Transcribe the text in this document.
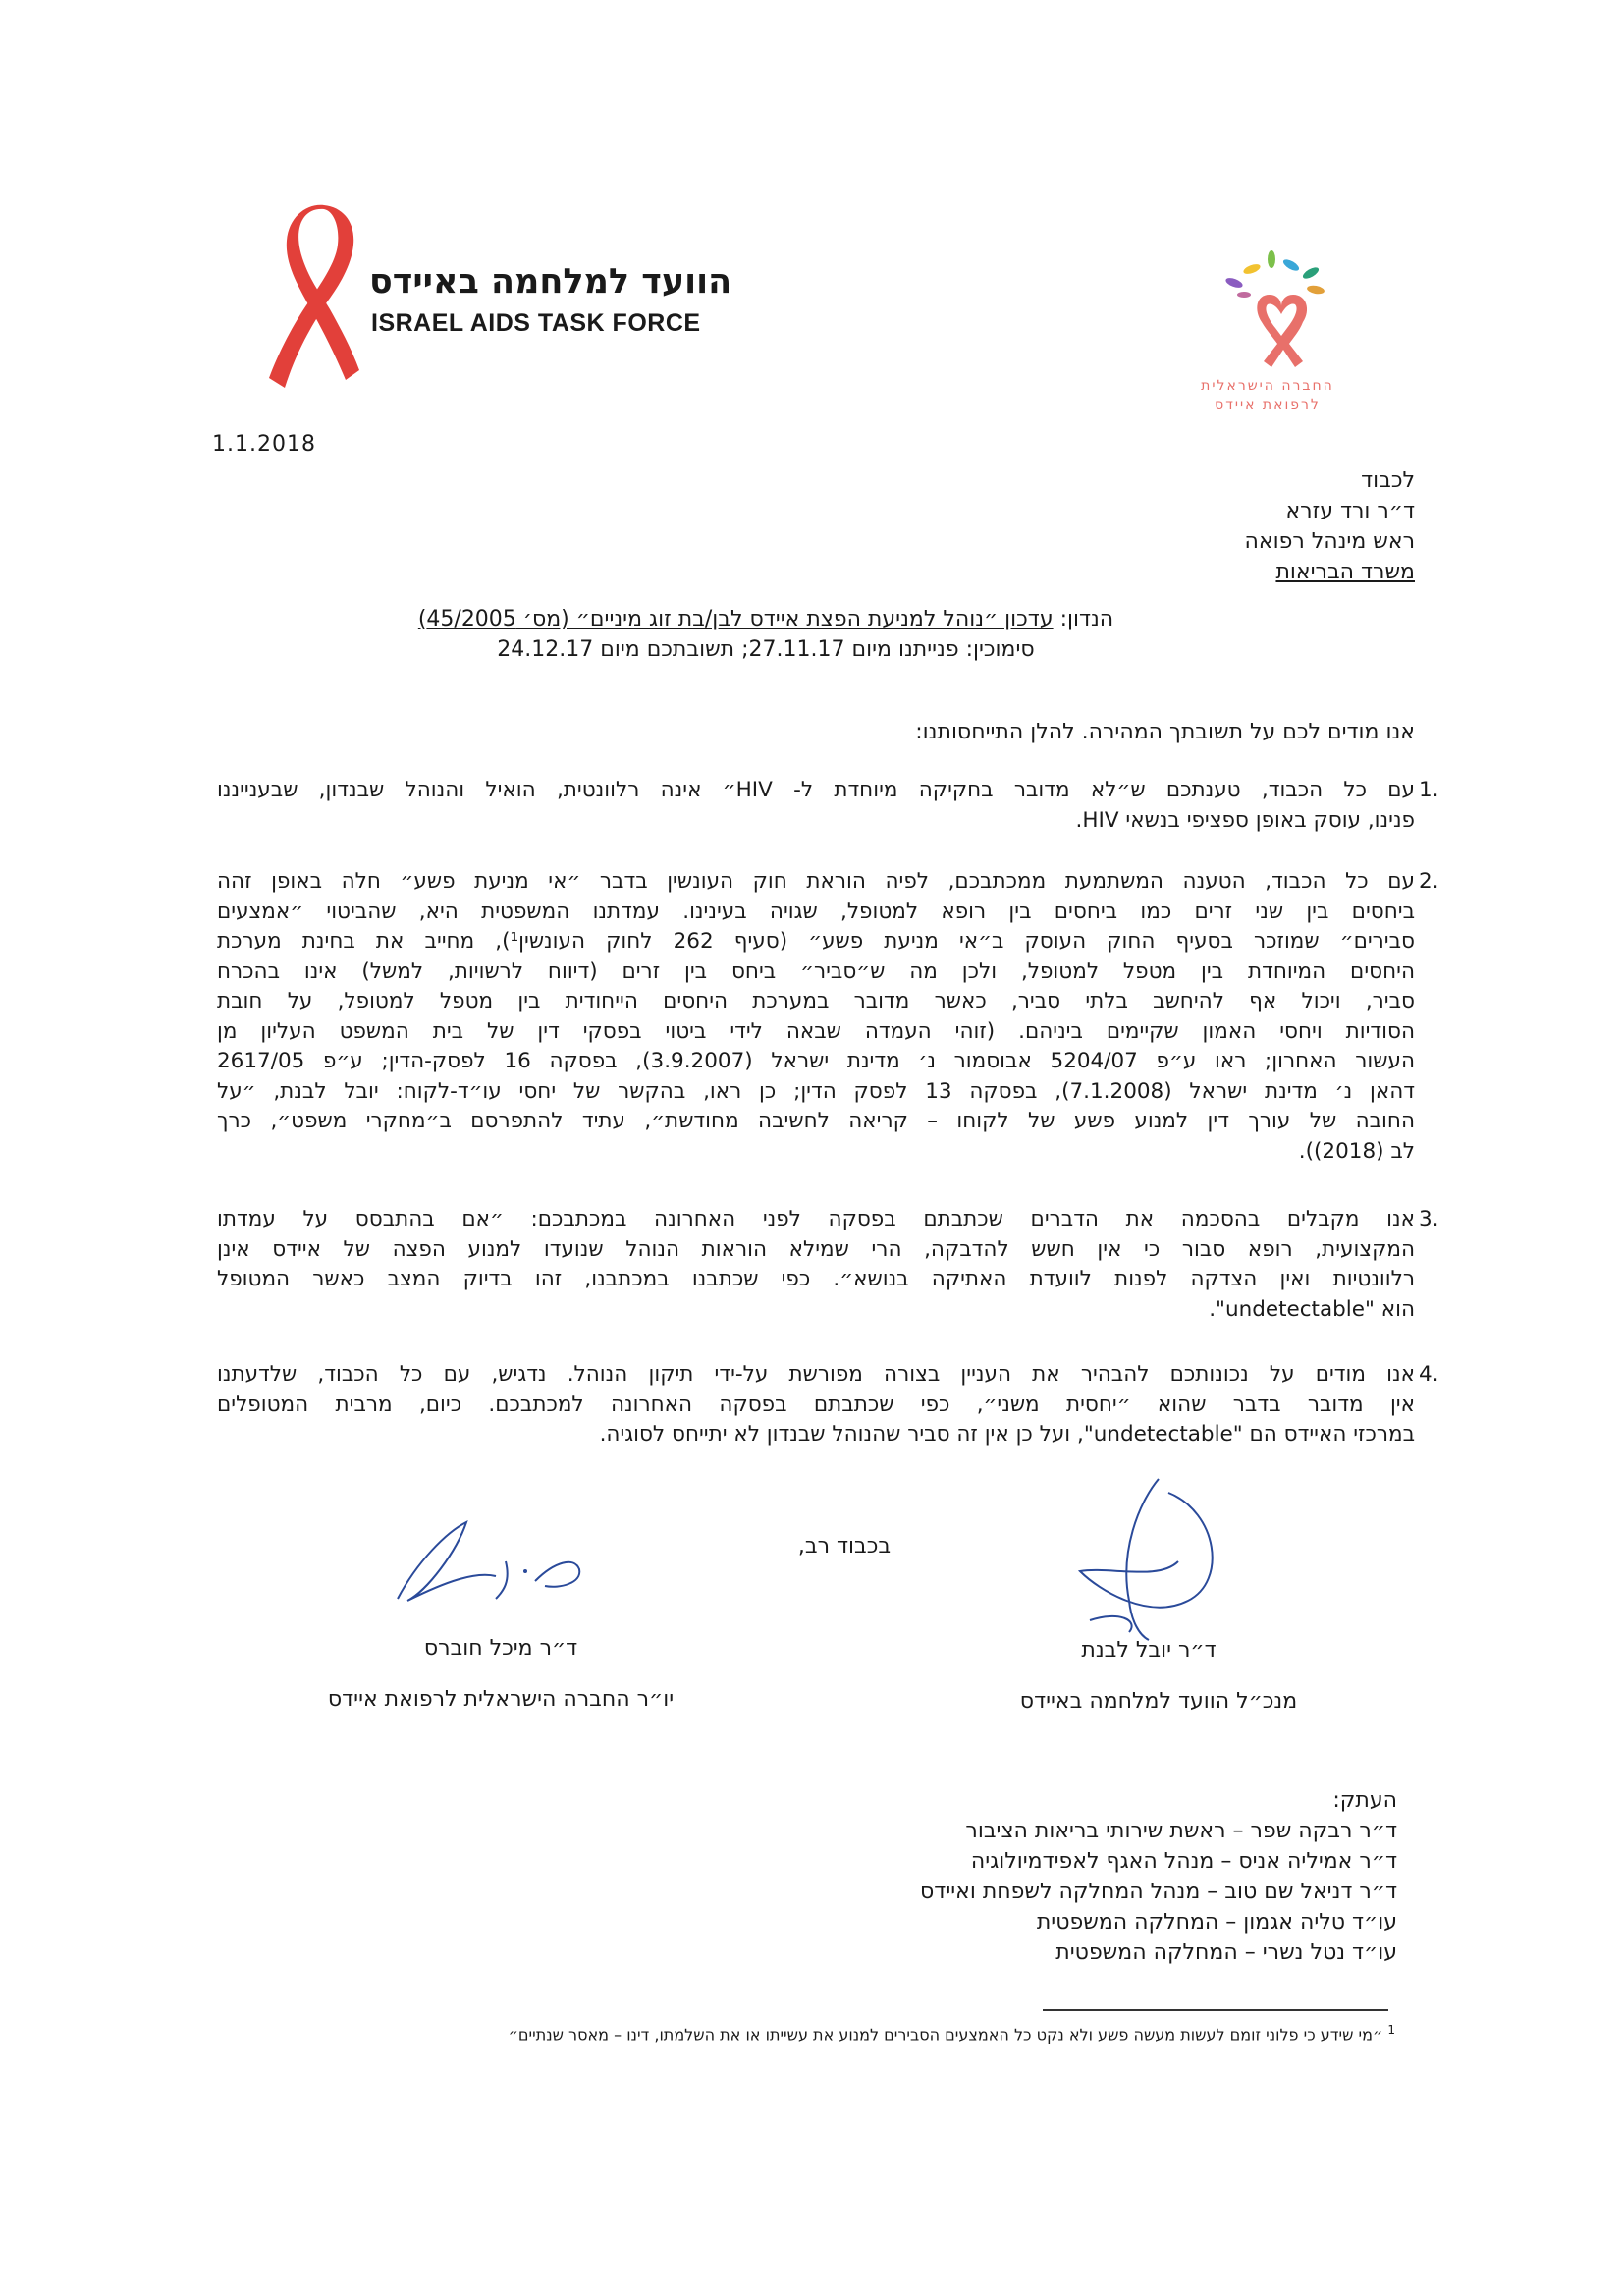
הוועד למלחמה באיידס
ISRAEL AIDS TASK FORCE
החברה הישראלית
לרפואת איידס
1.1.2018
לכבוד
ד״ר ורד עזרא
ראש מינהל רפואה
משרד הבריאות
הנדון: עדכון ״נוהל למניעת הפצת איידס לבן/בת זוג מיניים״ (מס׳ 45/2005)
סימוכין: פנייתנו מיום 27.11.17; תשובתכם מיום 24.12.17
אנו מודים לכם על תשובתך המהירה. להלן התייחסותנו:
1.
עם כל הכבוד, טענתכם ש״לא מדובר בחקיקה מיוחדת ל- HIV״ אינה רלוונטית, הואיל והנוהל שבנדון, שבענייננו
פנינו, עוסק באופן ספציפי בנשאי HIV.
2.
עם כל הכבוד, הטענה המשתמעת ממכתבכם, לפיה הוראת חוק העונשין בדבר ״אי מניעת פשע״ חלה באופן זהה
ביחסים בין שני זרים כמו ביחסים בין רופא למטופל, שגויה בעינינו. עמדתנו המשפטית היא, שהביטוי ״אמצעים
סבירים״ שמוזכר בסעיף החוק העוסק ב״אי מניעת פשע״ (סעיף 262 לחוק העונשין¹), מחייב את בחינת מערכת
היחסים המיוחדת בין מטפל למטופל, ולכן מה ש״סביר״ ביחס בין זרים (דיווח לרשויות, למשל) אינו בהכרח
סביר, ויכול אף להיחשב בלתי סביר, כאשר מדובר במערכת היחסים הייחודית בין מטפל למטופל, על חובת
הסודיות ויחסי האמון שקיימים ביניהם. (זוהי העמדה שבאה לידי ביטוי בפסקי דין של בית המשפט העליון מן
העשור האחרון; ראו ע״פ 5204/07 אבוסמור נ׳ מדינת ישראל (3.9.2007), בפסקה 16 לפסק-הדין; ע״פ 2617/05
דהאן נ׳ מדינת ישראל (7.1.2008), בפסקה 13 לפסק הדין; כן ראו, בהקשר של יחסי עו״ד-לקוח: יובל לבנת, ״על
החובה של עורך דין למנוע פשע של לקוחו – קריאה לחשיבה מחודשת״, עתיד להתפרסם ב״מחקרי משפט״, כרך
לב (2018)).
3.
אנו מקבלים בהסכמה את הדברים שכתבתם בפסקה לפני האחרונה במכתבכם: ״אם בהתבסס על עמדתו
המקצועית, רופא סבור כי אין חשש להדבקה, הרי שמילא הוראות הנוהל שנועדו למנוע הפצה של איידס אינן
רלוונטיות ואין הצדקה לפנות לוועדת האתיקה בנושא״. כפי שכתבנו במכתבנו, זהו בדיוק המצב כאשר המטופל
הוא "undetectable".
4.
אנו מודים על נכונותכם להבהיר את העניין בצורה מפורשת על-ידי תיקון הנוהל. נדגיש, עם כל הכבוד, שלדעתנו
אין מדובר בדבר שהוא ״יחסית משני״, כפי שכתבתם בפסקה האחרונה למכתבכם. כיום, מרבית המטופלים
במרכזי האיידס הם "undetectable", ועל כן אין זה סביר שהנוהל שבנדון לא יתייחס לסוגיה.
בכבוד רב,
ד״ר מיכל חוברס
יו״ר החברה הישראלית לרפואת איידס
ד״ר יובל לבנת
מנכ״ל הוועד למלחמה באיידס
העתק:
ד״ר רבקה שפר – ראשת שירותי בריאות הציבור
ד״ר אמיליה אניס – מנהל האגף לאפידמיולוגיה
ד״ר דניאל שם טוב – מנהל המחלקה לשפחת ואיידס
עו״ד טליה אגמון – המחלקה המשפטית
עו״ד נטל נשרי – המחלקה המשפטית
$^1$ ״מי שידע כי פלוני זומם לעשות מעשה פשע ולא נקט כל האמצעים הסבירים למנוע את עשייתו או את השלמתו, דינו – מאסר שנתיים״
